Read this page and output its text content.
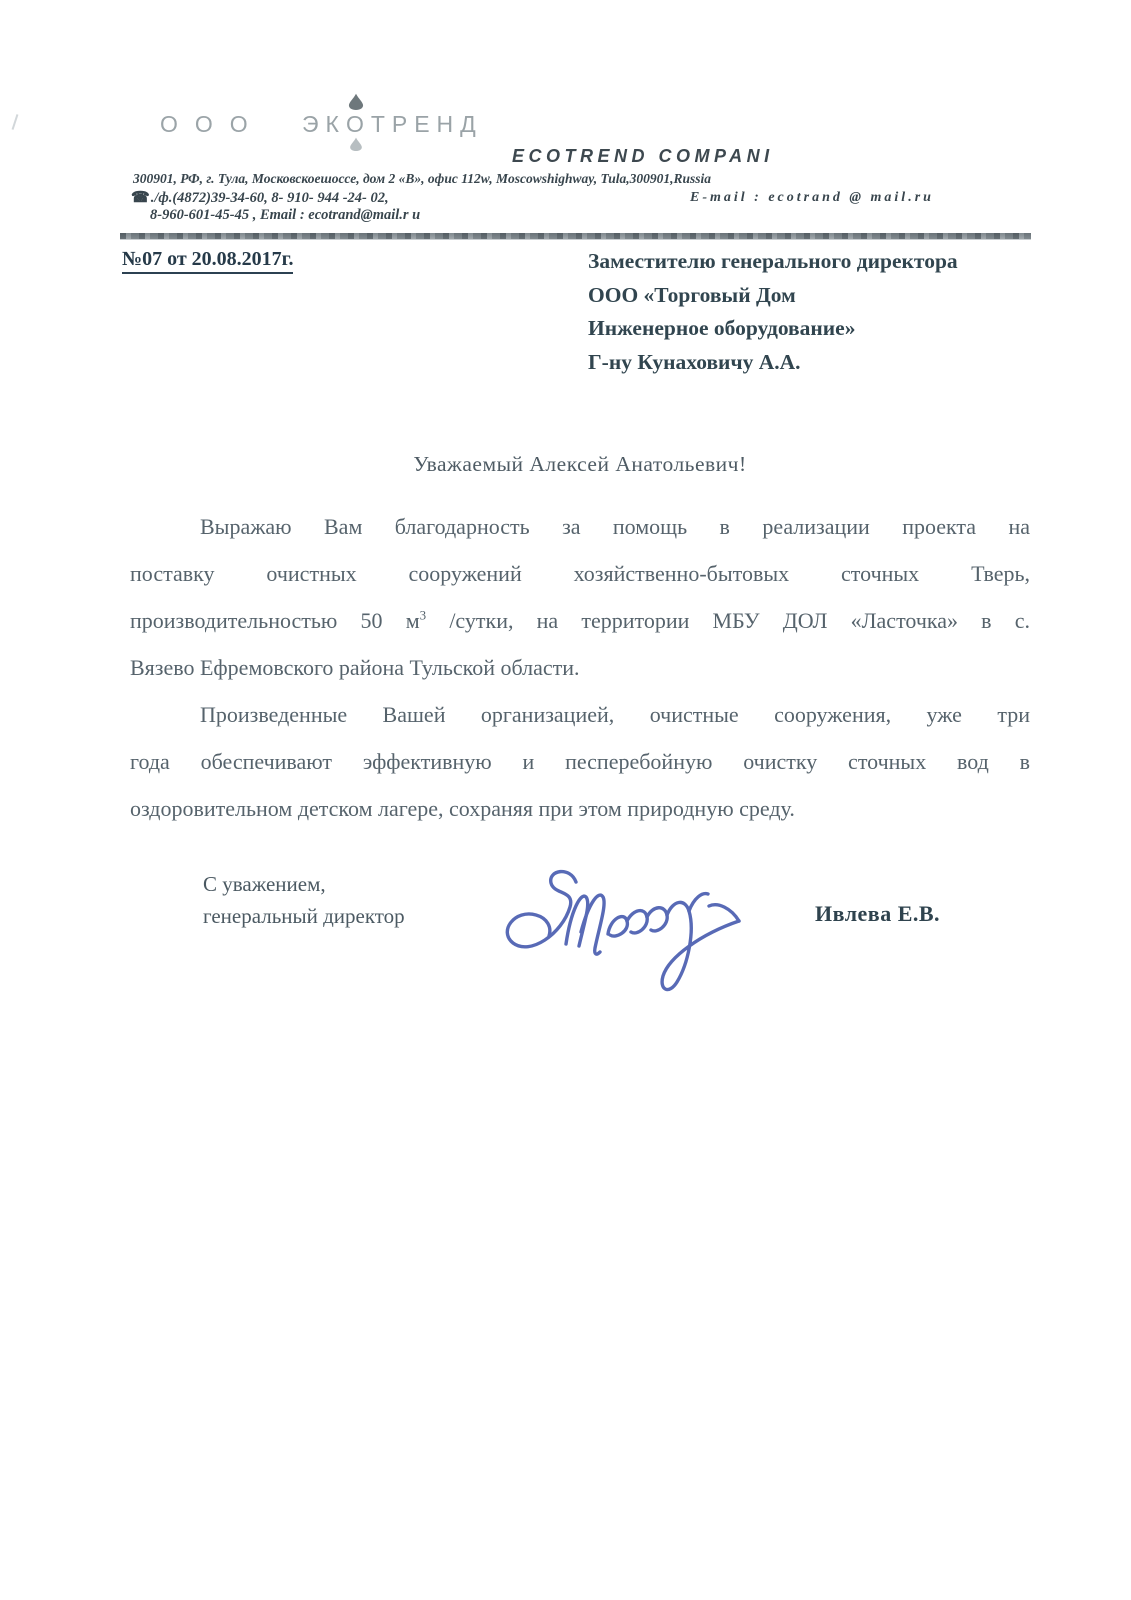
ООО ЭК
О
ТРЕНД
ECOTREND COMPANI
300901, РФ, г. Тула, Московскоешоссе, дом 2 «В», офис 112w, Moscowshighway, Tula,300901,Russia
☎./ф.(4872)39-34-60, 8- 910- 944 -24- 02,	E-mail : ecotrand @ mail.ru
8-960-601-45-45 , Email : ecotrand@mail.r u
№07 от 20.08.2017г.	Заместителю генерального директора
ООО «Торговый Дом
Инженерное оборудование»
Г-ну Кунаховичу А.А.
Уважаемый Алексей Анатольевич!
Выражаю Вам благодарность за помощь в реализации проекта на
поставку очистных сооружений хозяйственно-бытовых сточных Тверь,
производительностью 50 $м^3$ /сутки, на территории МБУ ДОЛ «Ласточка» в с.
Вязево Ефремовского района Тульской области.
Произведенные Вашей организацией, очистные сооружения, уже три
года обеспечивают эффективную и песперебойную очистку сточных вод в
оздоровительном детском лагере, сохраняя при этом природную среду.
С уважением,
генеральный директор	Ивлева Е.В.
